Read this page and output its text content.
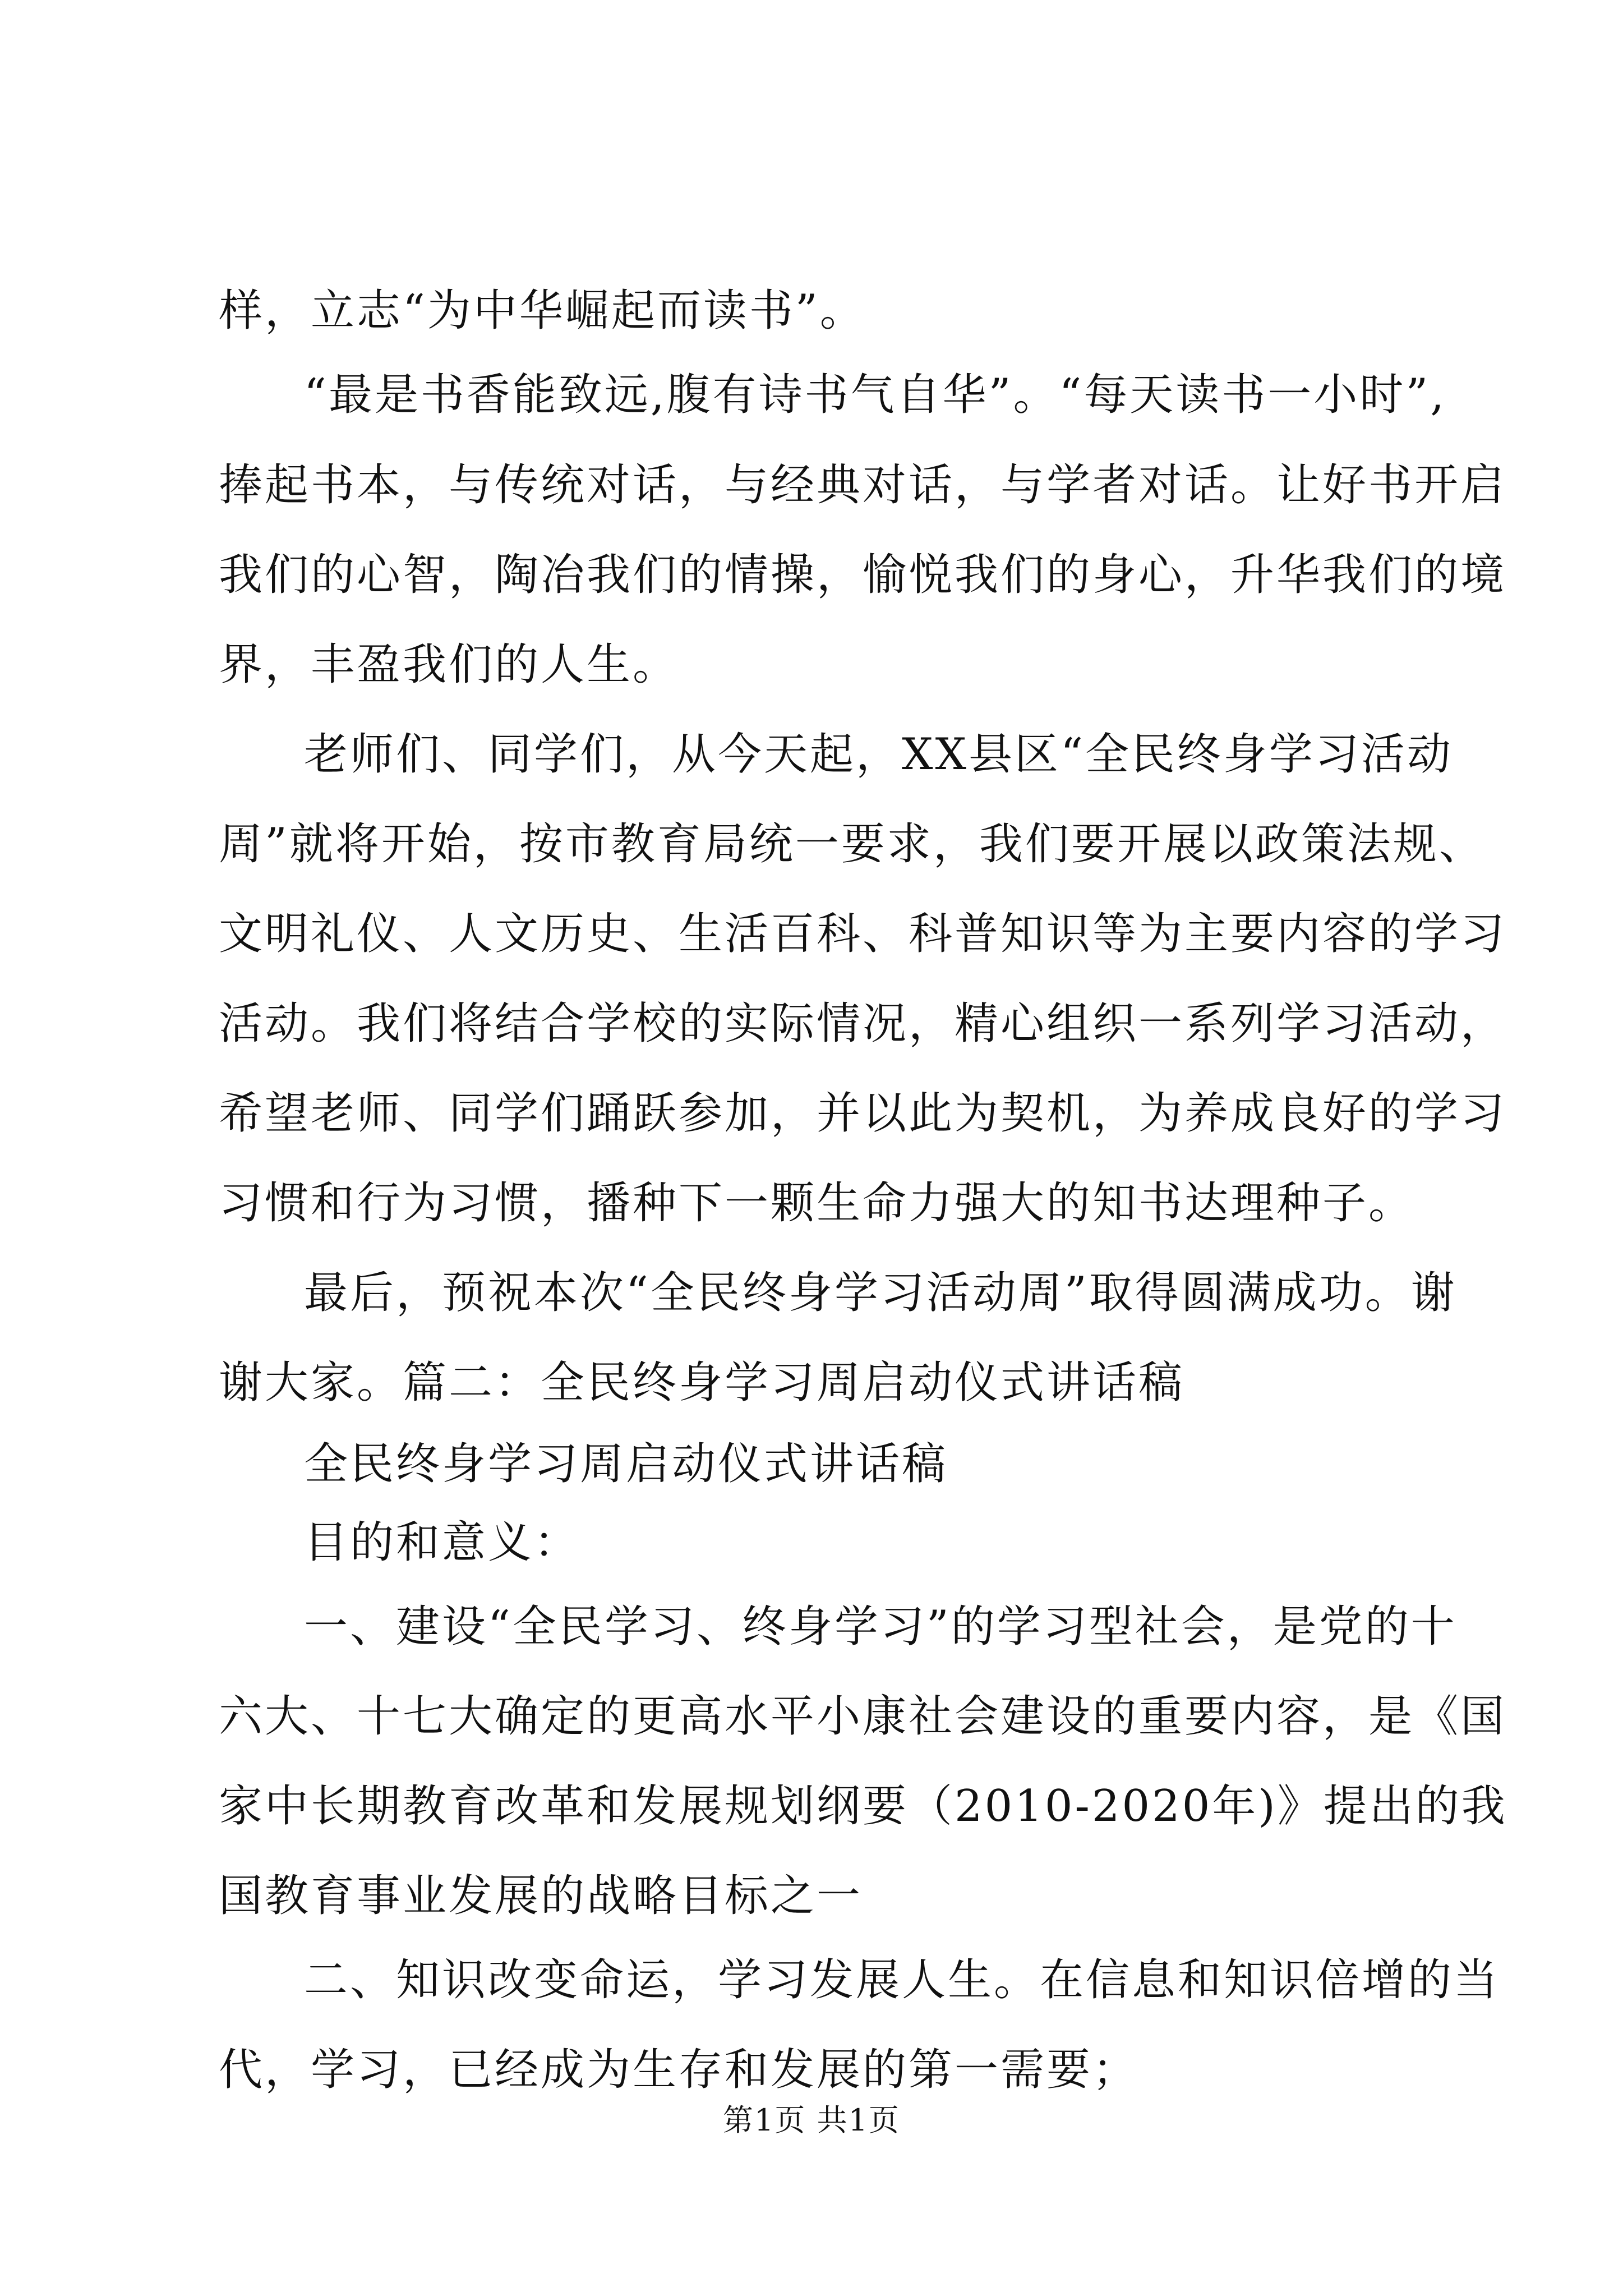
样，立志“为中华崛起而读书”。

“最是书香能致远,腹有诗书气自华”。“每天读书一小时”,

捧起书本，与传统对话，与经典对话，与学者对话。让好书开启

我们的心智，陶冶我们的情操，愉悦我们的身心，升华我们的境

界，丰盈我们的人生。

老师们、同学们，从今天起，XX县区“全民终身学习活动

周”就将开始，按市教育局统一要求，我们要开展以政策法规、

文明礼仪、人文历史、生活百科、科普知识等为主要内容的学习

活动。我们将结合学校的实际情况，精心组织一系列学习活动，

希望老师、同学们踊跃参加，并以此为契机，为养成良好的学习

习惯和行为习惯，播种下一颗生命力强大的知书达理种子。

最后，预祝本次“全民终身学习活动周”取得圆满成功。谢

谢大家。篇二：全民终身学习周启动仪式讲话稿

全民终身学习周启动仪式讲话稿

目的和意义：

一、建设“全民学习、终身学习”的学习型社会，是党的十

六大、十七大确定的更高水平小康社会建设的重要内容，是《国

家中长期教育改革和发展规划纲要（2010-2020年)》提出的我

国教育事业发展的战略目标之一

二、知识改变命运，学习发展人生。在信息和知识倍增的当

代，学习，已经成为生存和发展的第一需要；

第1页 共1页
